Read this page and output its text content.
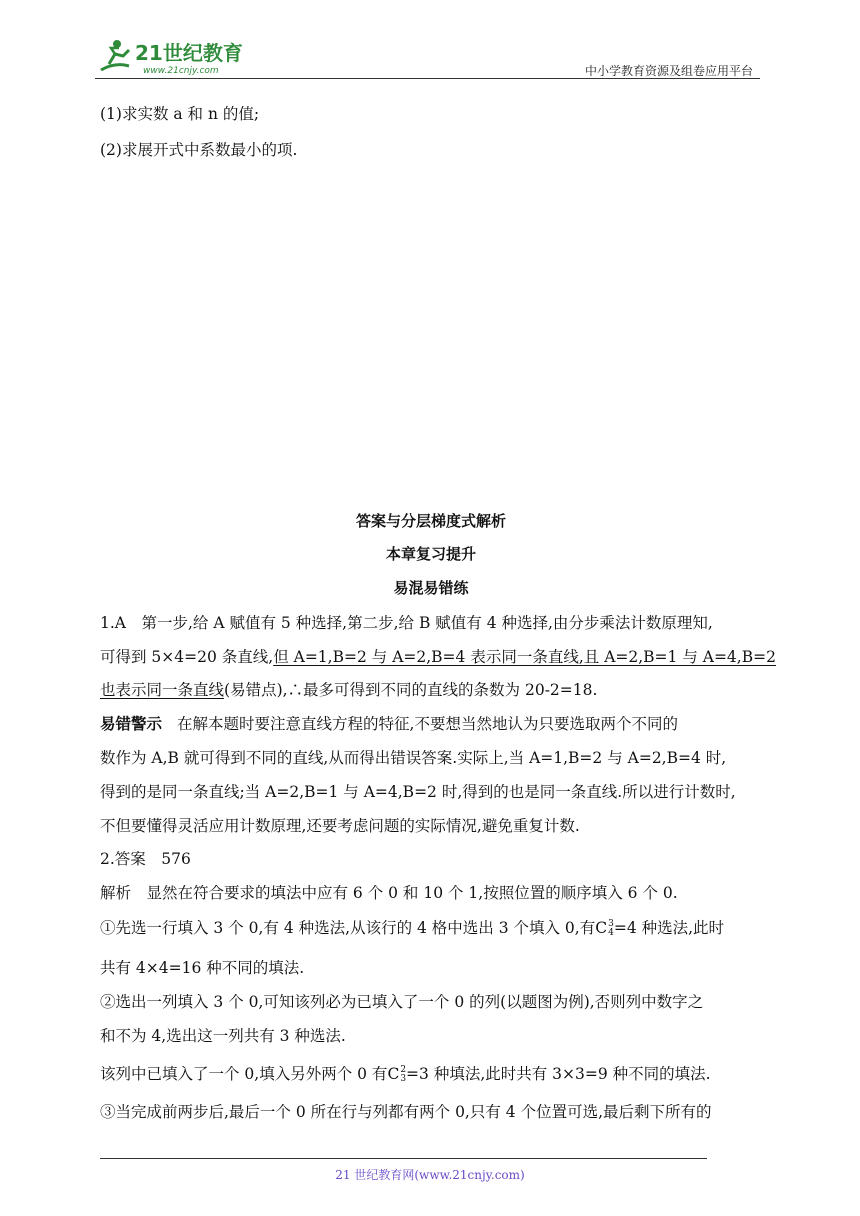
21世纪教育
www.21cnjy.com	中小学教育资源及组卷应用平台
(1)求实数 a 和 n 的值;
(2)求展开式中系数最小的项.
答案与分层梯度式解析
本章复习提升
易混易错练
1.A　第一步,给 A 赋值有 5 种选择,第二步,给 B 赋值有 4 种选择,由分步乘法计数原理知,
可得到 5×4=20 条直线,但 A=1,B=2 与 A=2,B=4 表示同一条直线,且 A=2,B=1 与 A=4,B=2
也表示同一条直线(易错点),∴最多可得到不同的直线的条数为 20-2=18.
易错警示 在解本题时要注意直线方程的特征,不要想当然地认为只要选取两个不同的
数作为 A,B 就可得到不同的直线,从而得出错误答案.实际上,当 A=1,B=2 与 A=2,B=4 时,
得到的是同一条直线;当 A=2,B=1 与 A=4,B=2 时,得到的也是同一条直线.所以进行计数时,
不但要懂得灵活应用计数原理,还要考虑问题的实际情况,避免重复计数.
2.答案　576
解析　显然在符合要求的填法中应有 6 个 0 和 10 个 1,按照位置的顺序填入 6 个 0.
①先选一行填入 3 个 0,有 4 种选法,从该行的 4 格中选出 3 个填入 0,有C3
4=4 种选法,此时
共有 4×4=16 种不同的填法.
②选出一列填入 3 个 0,可知该列必为已填入了一个 0 的列(以题图为例),否则列中数字之
和不为 4,选出这一列共有 3 种选法.
该列中已填入了一个 0,填入另外两个 0 有C2
3=3 种填法,此时共有 3×3=9 种不同的填法.
③当完成前两步后,最后一个 0 所在行与列都有两个 0,只有 4 个位置可选,最后剩下所有的
21 世纪教育网(www.21cnjy.com)
